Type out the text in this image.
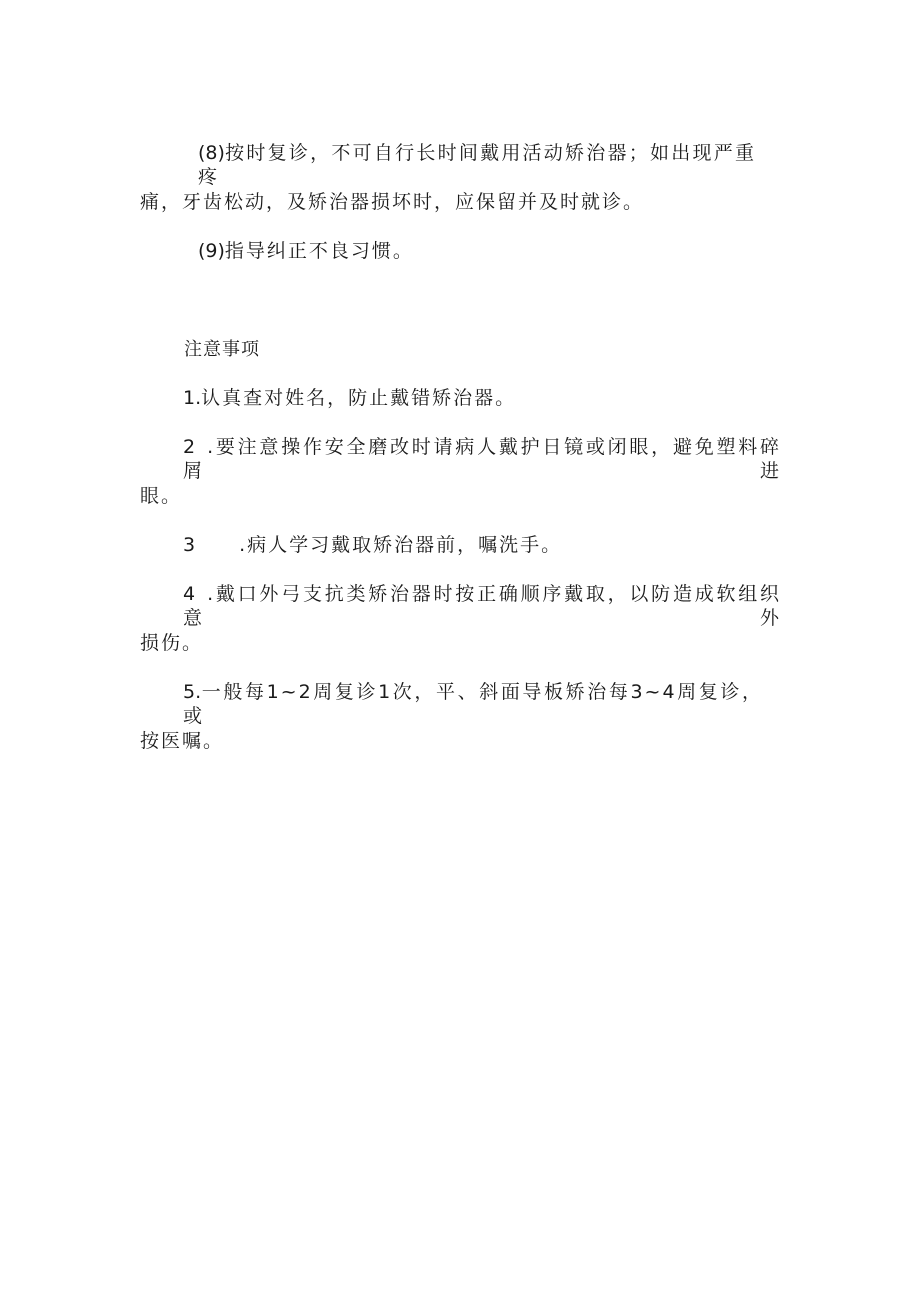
(8)按时复诊，不可自行长时间戴用活动矫治器；如出现严重疼

痛，牙齿松动，及矫治器损坏时，应保留并及时就诊。

(9)指导纠正不良习惯。

注意事项

1.认真查对姓名，防止戴错矫治器。

2 .要注意操作安全磨改时请病人戴护日镜或闭眼，避免塑料碎屑进

眼。

3 .病人学习戴取矫治器前，嘱洗手。

4 .戴口外弓支抗类矫治器时按正确顺序戴取，以防造成软组织意外

损伤。

5.一般每1~2周复诊1次，平、斜面导板矫治每3~4周复诊，或

按医嘱。
